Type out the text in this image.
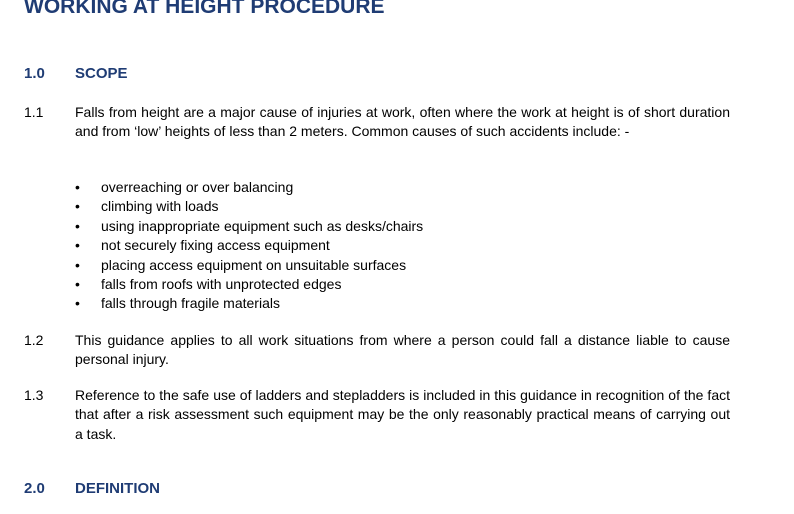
WORKING AT HEIGHT PROCEDURE
1.0 SCOPE
1.1 Falls from height are a major cause of injuries at work, often where the work at height is of short duration and from ‘low’ heights of less than 2 meters. Common causes of such accidents include: -
• overreaching or over balancing
• climbing with loads
• using inappropriate equipment such as desks/chairs
• not securely fixing access equipment
• placing access equipment on unsuitable surfaces
• falls from roofs with unprotected edges
• falls through fragile materials
1.2 This guidance applies to all work situations from where a person could fall a distance liable to cause personal injury.
1.3 Reference to the safe use of ladders and stepladders is included in this guidance in recognition of the fact that after a risk assessment such equipment may be the only reasonably practical means of carrying out a task.
2.0 DEFINITION
